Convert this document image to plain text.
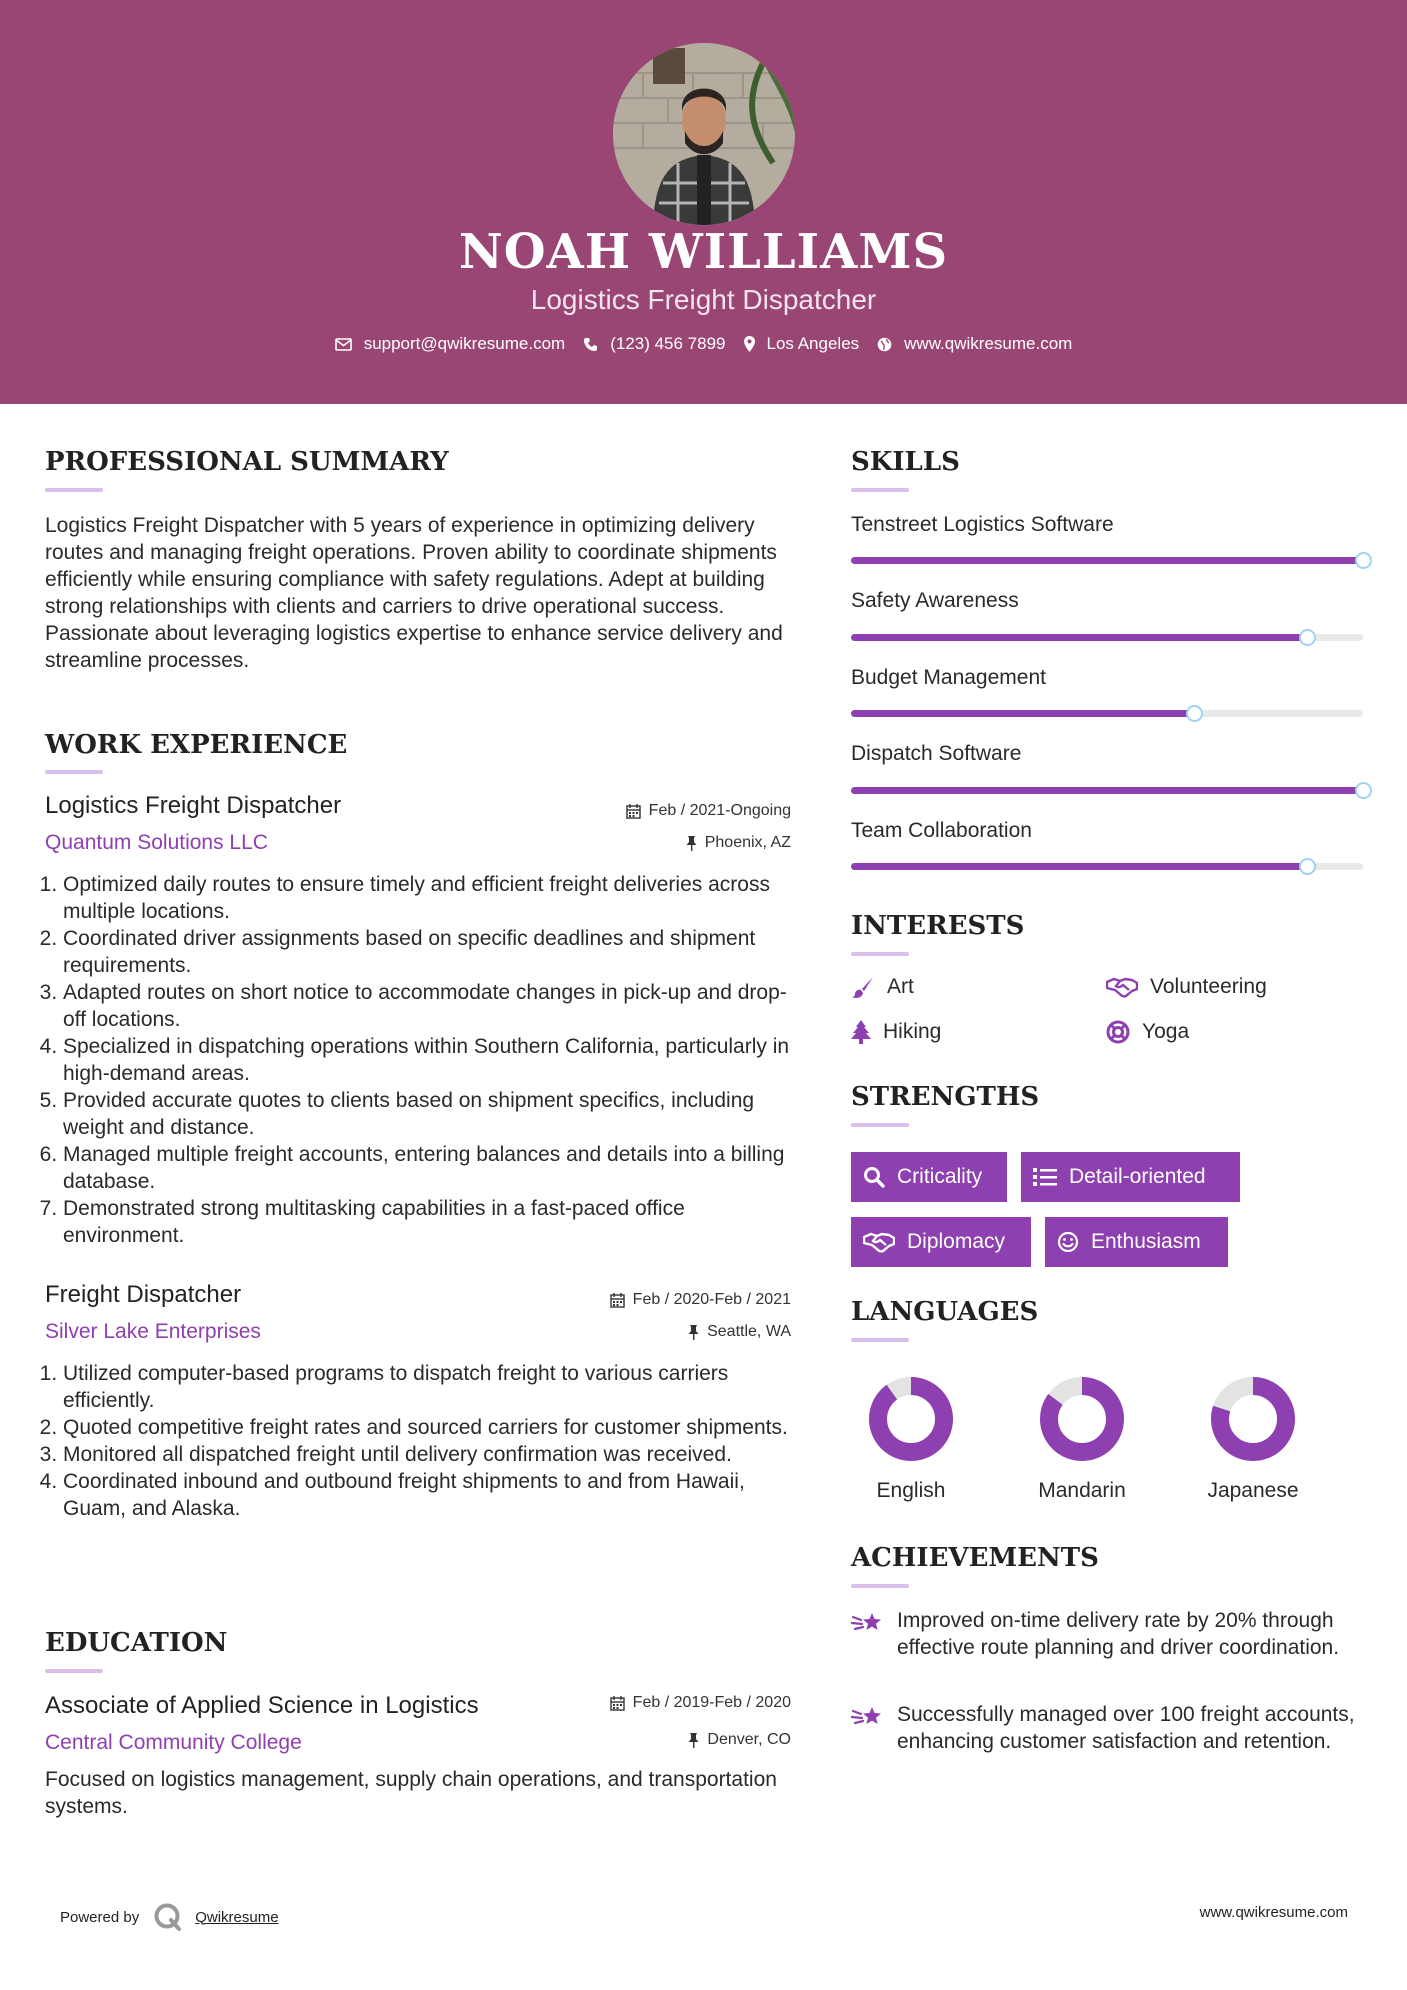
NOAH WILLIAMS
Logistics Freight Dispatcher
support@qwikresume.com	(123) 456 7899 Los Angeles	www.qwikresume.com
PROFESSIONAL SUMMARY
Logistics Freight Dispatcher with 5 years of experience in optimizing delivery routes and managing freight operations. Proven ability to coordinate shipments efficiently while ensuring compliance with safety regulations. Adept at building strong relationships with clients and carriers to drive operational success. Passionate about leveraging logistics expertise to enhance service delivery and streamline processes.
WORK EXPERIENCE
Logistics Freight Dispatcher	Feb / 2021-Ongoing
Quantum Solutions LLC	Phoenix, AZ
1. Optimized daily routes to ensure timely and efficient freight deliveries across multiple locations.
2. Coordinated driver assignments based on specific deadlines and shipment requirements.
3. Adapted routes on short notice to accommodate changes in pick-up and drop-off locations.
4. Specialized in dispatching operations within Southern California, particularly in high-demand areas.
5. Provided accurate quotes to clients based on shipment specifics, including weight and distance.
6. Managed multiple freight accounts, entering balances and details into a billing database.
7. Demonstrated strong multitasking capabilities in a fast-paced office environment.
Freight Dispatcher	Feb / 2020-Feb / 2021
Silver Lake Enterprises	Seattle, WA
1. Utilized computer-based programs to dispatch freight to various carriers efficiently.
2. Quoted competitive freight rates and sourced carriers for customer shipments.
3. Monitored all dispatched freight until delivery confirmation was received.
4. Coordinated inbound and outbound freight shipments to and from Hawaii, Guam, and Alaska.
EDUCATION
Associate of Applied Science in Logistics	Feb / 2019-Feb / 2020
Central Community College	Denver, CO
Focused on logistics management, supply chain operations, and transportation systems.
SKILLS
Tenstreet Logistics Software
Safety Awareness
Budget Management
Dispatch Software
Team Collaboration
INTERESTS
Art	Volunteering
Hiking	Yoga
STRENGTHS
Criticality	Detail-oriented
Diplomacy	Enthusiasm
LANGUAGES
English	Mandarin	Japanese
ACHIEVEMENTS
Improved on-time delivery rate by 20% through effective route planning and driver coordination.
Successfully managed over 100 freight accounts, enhancing customer satisfaction and retention.
Powered by	Qwikresume	www.qwikresume.com
